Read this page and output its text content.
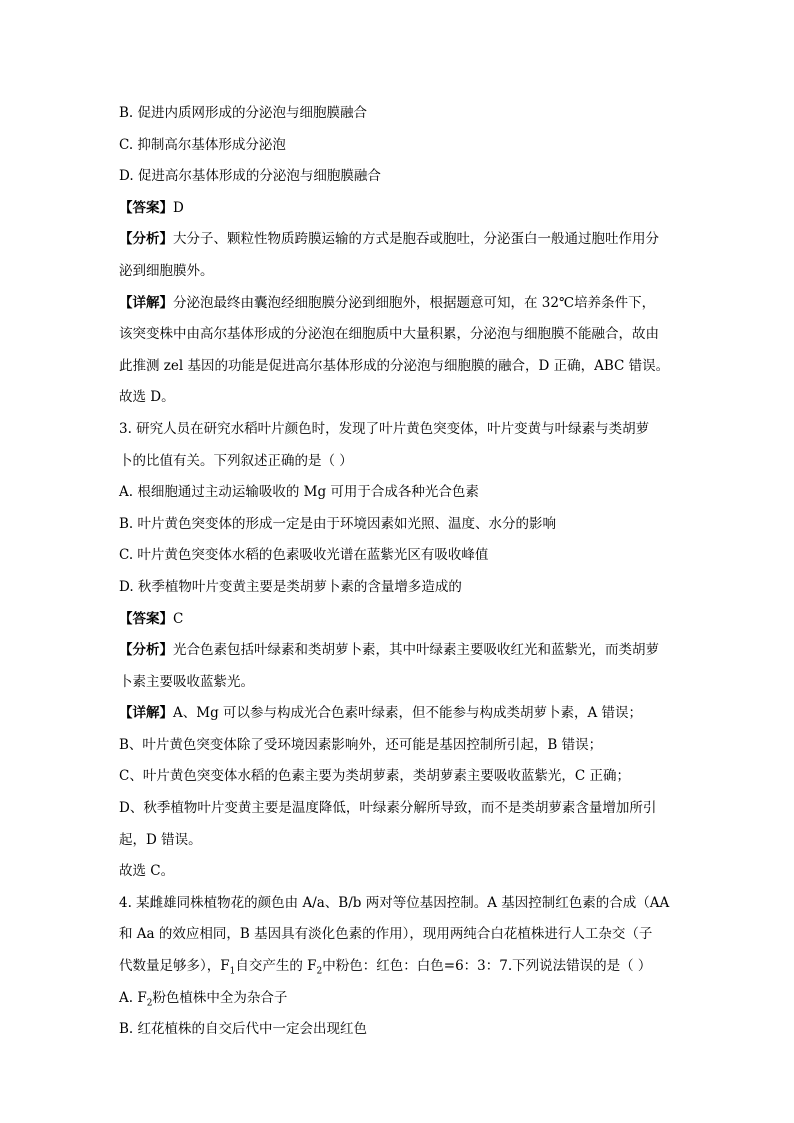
B. 促进内质网形成的分泌泡与细胞膜融合
C. 抑制高尔基体形成分泌泡
D. 促进高尔基体形成的分泌泡与细胞膜融合
【答案】D
【分析】大分子、颗粒性物质跨膜运输的方式是胞吞或胞吐，分泌蛋白一般通过胞吐作用分
泌到细胞膜外。
【详解】分泌泡最终由囊泡经细胞膜分泌到细胞外，根据题意可知，在 32℃培养条件下，
该突变株中由高尔基体形成的分泌泡在细胞质中大量积累，分泌泡与细胞膜不能融合，故由
此推测 zel 基因的功能是促进高尔基体形成的分泌泡与细胞膜的融合，D 正确，ABC 错误。
故选 D。
3. 研究人员在研究水稻叶片颜色时，发现了叶片黄色突变体，叶片变黄与叶绿素与类胡萝
卜的比值有关。下列叙述正确的是（ ）
A. 根细胞通过主动运输吸收的 Mg 可用于合成各种光合色素
B. 叶片黄色突变体的形成一定是由于环境因素如光照、温度、水分的影响
C. 叶片黄色突变体水稻的色素吸收光谱在蓝紫光区有吸收峰值
D. 秋季植物叶片变黄主要是类胡萝卜素的含量增多造成的
【答案】C
【分析】光合色素包括叶绿素和类胡萝卜素，其中叶绿素主要吸收红光和蓝紫光，而类胡萝
卜素主要吸收蓝紫光。
【详解】A、Mg 可以参与构成光合色素叶绿素，但不能参与构成类胡萝卜素，A 错误；
B、叶片黄色突变体除了受环境因素影响外，还可能是基因控制所引起，B 错误；
C、叶片黄色突变体水稻的色素主要为类胡萝素，类胡萝素主要吸收蓝紫光，C 正确；
D、秋季植物叶片变黄主要是温度降低，叶绿素分解所导致，而不是类胡萝素含量增加所引
起，D 错误。
故选 C。
4. 某雌雄同株植物花的颜色由 A/a、B/b 两对等位基因控制。A 基因控制红色素的合成（AA
和 Aa 的效应相同，B 基因具有淡化色素的作用），现用两纯合白花植株进行人工杂交（子
代数量足够多），$F_1$自交产生的 $F_2$中粉色：红色：白色=6：3：7.下列说法错误的是（ ）
A. $F_2$粉色植株中全为杂合子
B. 红花植株的自交后代中一定会出现红色
